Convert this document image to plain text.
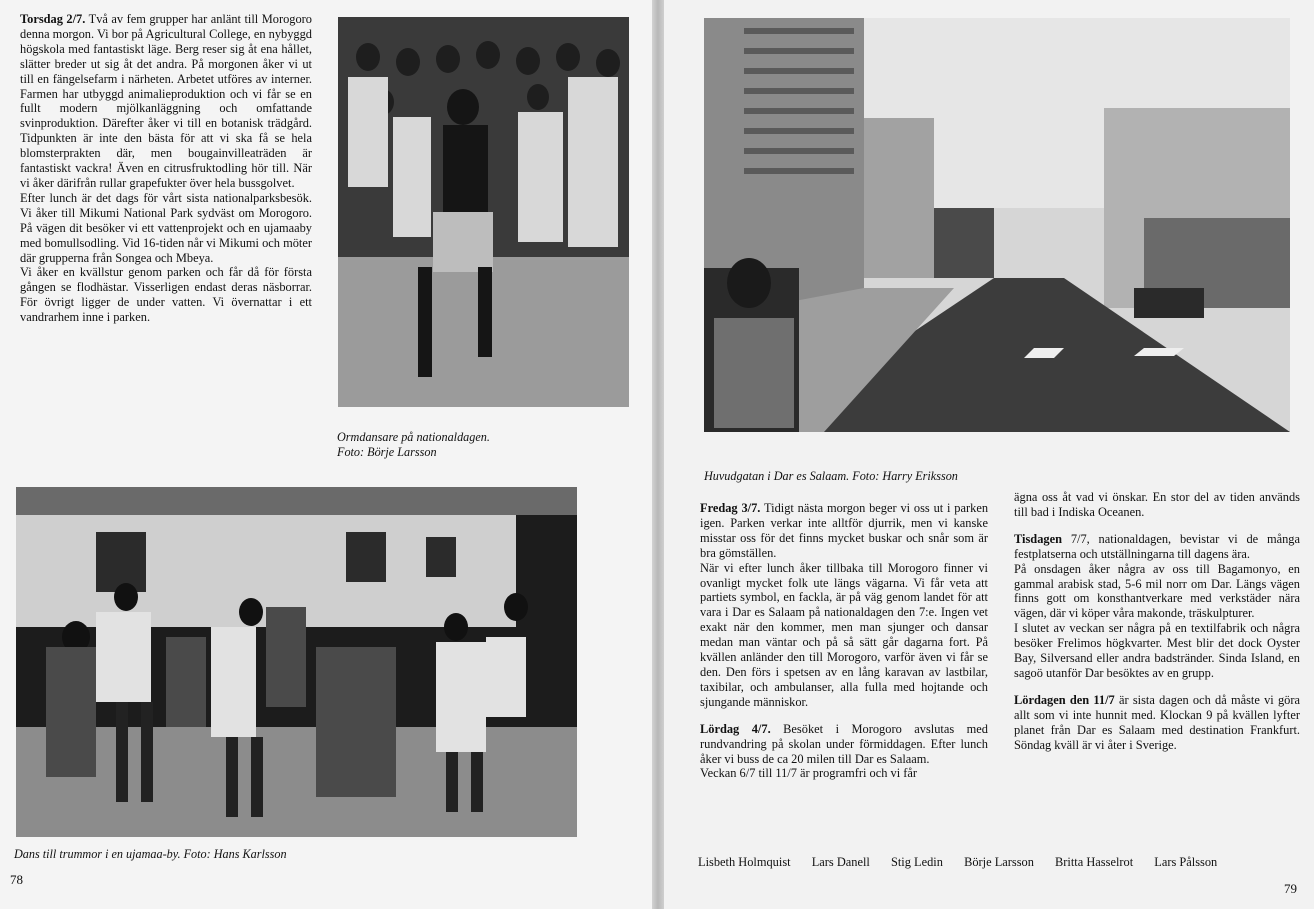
Torsdag 2/7. Två av fem grupper har anlänt till Morogoro denna morgon. Vi bor på Agricultural College, en nybyggd högskola med fantastiskt läge. Berg reser sig åt ena hållet, slätter breder ut sig åt det andra. På morgonen åker vi ut till en fängelsefarm i närheten. Arbetet utföres av interner. Farmen har utbyggd animalieproduktion och vi får se en fullt modern mjölkanläggning och omfattande svinproduktion. Därefter åker vi till en botanisk trädgård. Tidpunkten är inte den bästa för att vi ska få se hela blomsterprakten där, men bougainvilleaträden är fantastiskt vackra! Även en citrusfruktodling hör till. När vi åker därifrån rullar grapefukter över hela bussgolvet.

Efter lunch är det dags för vårt sista nationalparksbesök. Vi åker till Mikumi National Park sydväst om Morogoro. På vägen dit besöker vi ett vattenprojekt och en ujamaaby med bomullsodling. Vid 16-tiden når vi Mikumi och möter där grupperna från Songea och Mbeya.

Vi åker en kvällstur genom parken och får då för första gången se flodhästar. Visserligen endast deras näsborrar. För övrigt ligger de under vatten. Vi övernattar i ett vandrarhem inne i parken.

Ormdansare på nationaldagen.
Foto: Börje Larsson
Dans till trummor i en ujamaa-by. Foto: Hans Karlsson
78
Huvudgatan i Dar es Salaam. Foto: Harry Eriksson

Fredag 3/7. Tidigt nästa morgon beger vi oss ut i parken igen. Parken verkar inte alltför djurrik, men vi kanske misstar oss för det finns mycket buskar och snår som är bra gömställen.

När vi efter lunch åker tillbaka till Morogoro finner vi ovanligt mycket folk ute längs vägarna. Vi får veta att partiets symbol, en fackla, är på väg genom landet för att vara i Dar es Salaam på nationaldagen den 7:e. Ingen vet exakt när den kommer, men man sjunger och dansar medan man väntar och på så sätt går dagarna fort. På kvällen anländer den till Morogoro, varför även vi får se den. Den förs i spetsen av en lång karavan av lastbilar, taxibilar, och ambulanser, alla fulla med hojtande och sjungande människor.

Lördag 4/7. Besöket i Morogoro avslutas med rundvandring på skolan under förmiddagen. Efter lunch åker vi buss de ca 20 milen till Dar es Salaam.

Veckan 6/7 till 11/7 är programfri och vi får

ägna oss åt vad vi önskar. En stor del av tiden används till bad i Indiska Oceanen.

Tisdagen 7/7, nationaldagen, bevistar vi de många festplatserna och utställningarna till dagens ära.

På onsdagen åker några av oss till Bagamonyo, en gammal arabisk stad, 5-6 mil norr om Dar. Längs vägen finns gott om konsthantverkare med verkstäder nära vägen, där vi köper våra makonde, träskulpturer.

I slutet av veckan ser några på en textilfabrik och några besöker Frelimos högkvarter. Mest blir det dock Oyster Bay, Silversand eller andra badstränder. Sinda Island, en sagoö utanför Dar besöktes av en grupp.

Lördagen den 11/7 är sista dagen och då måste vi göra allt som vi inte hunnit med. Klockan 9 på kvällen lyfter planet från Dar es Salaam med destination Frankfurt. Söndag kväll är vi åter i Sverige.

Lisbeth Holmquist Lars Danell Stig Ledin Börje Larsson Britta Hasselrot Lars Pålsson
79
